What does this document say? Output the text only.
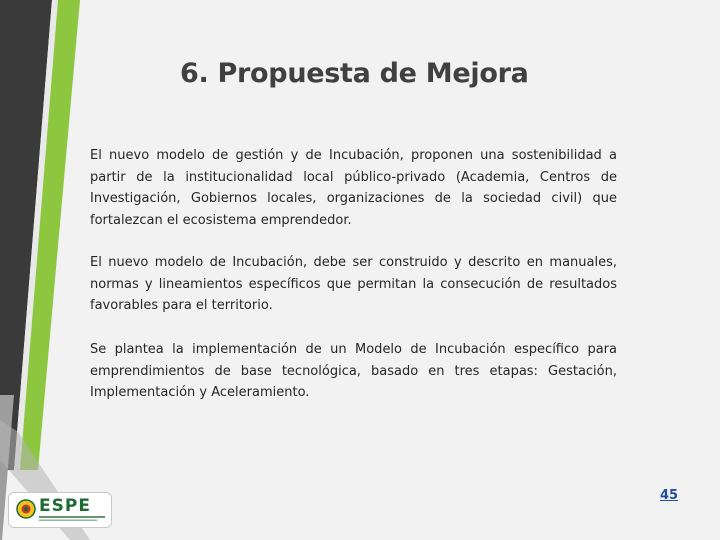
6. Propuesta de Mejora

El nuevo modelo de gestión y de Incubación, proponen una sostenibilidad a partir de la institucionalidad local público-privado (Academia, Centros de Investigación, Gobiernos locales, organizaciones de la sociedad civil) que fortalezcan el ecosistema emprendedor.

El nuevo modelo de Incubación, debe ser construido y descrito en manuales, normas y lineamientos específicos que permitan la consecución de resultados favorables para el territorio.

Se plantea la implementación de un Modelo de Incubación específico para emprendimientos de base tecnológica, basado en tres etapas: Gestación, Implementación y Aceleramiento.

ESPE
45
